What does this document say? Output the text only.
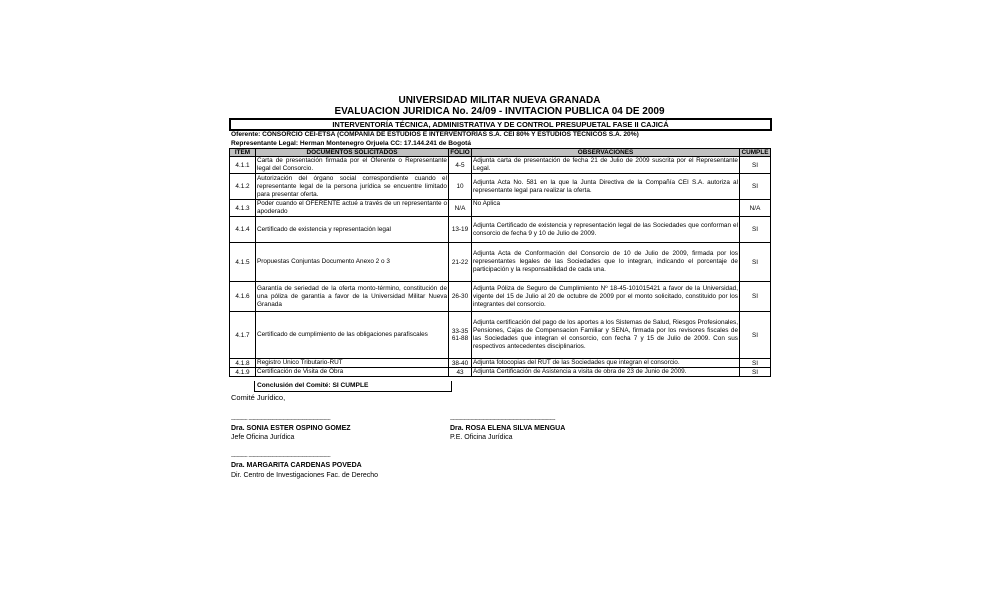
UNIVERSIDAD MILITAR NUEVA GRANADA
EVALUACIÓN JURÍDICA No. 24/09 - INVITACIÓN PÚBLICA 04 DE 2009
INTERVENTORÍA TÉCNICA, ADMINISTRATIVA Y DE CONTROL PRESUPUETAL FASE II CAJICÁ
Oferente: CONSORCIO CEI-ETSA (COMPAÑÍA DE ESTUDIOS E INTERVENTORÍAS S.A. CEI 80% Y ESTUDIOS TÉCNICOS S.A. 20%)
Representante Legal: Herman Montenegro Orjuela CC: 17.144.241 de Bogotá
ITEM	DOCUMENTOS SOLICITADOS	FOLIO	OBSERVACIONES	CUMPLE
4.1.1	Carta de presentación firmada por el Oferente o Representante legal del Consorcio.	4-5	Adjunta carta de presentación de fecha 21 de Julio de 2009 suscrita por el Representante Legal.	SI
4.1.2	Autorización del órgano social correspondiente cuando el representante legal de la persona jurídica se encuentre limitado para presentar oferta.	10	Adjunta Acta No. 581 en la que la Junta Directiva de la Compañía CEI S.A. autoriza al representante legal para realizar la oferta.	SI
4.1.3	Poder cuando el OFERENTE actué a través de un representante o apoderado	N/A	No Aplica	N/A
4.1.4	Certificado de existencia y representación legal	13-19	Adjunta Certificado de existencia y representación legal de las Sociedades que conforman el consorcio de fecha 9 y 10 de Julio de 2009.	SI
4.1.5	Propuestas Conjuntas Documento Anexo 2 o 3	21-22	Adjunta Acta de Conformación del Consorcio de 10 de Julio de 2009, firmada por los representantes legales de las Sociedades que lo integran, indicando el porcentaje de participación y la responsabilidad de cada una.	SI
4.1.6	Garantía de seriedad de la oferta monto-término, constitución de una póliza de garantía a favor de la Universidad Militar Nueva Granada	26-30	Adjunta Póliza de Seguro de Cumplimiento Nº 18-45-101015421 a favor de la Universidad, vigente del 15 de Julio al 20 de octubre de 2009 por el monto solicitado, constituido por los integrantes del consorcio.	SI
4.1.7	Certificado de cumplimiento de las obligaciones parafiscales	33-35 61-88	Adjunta certificación del pago de los aportes a los Sistemas de Salud, Riesgos Profesionales, Pensiones, Cajas de Compensacion Familiar y SENA, firmada por los revisores fiscales de las Sociedades que integran el consorcio, con fecha 7 y 15 de Julio de 2009. Con sus respectivos antecedentes disciplinarios.	SI
4.1.8	Registro Unico Tributario-RUT	38-40	Adjunta fotocopias del RUT de las Sociedades que integran el consorcio.	SI
4.1.9	Certificación de Visita de Obra	43	Adjunta Certificación de Asistencia a visita de obra de 23 de Junio de 2009.	SI
Conclusión del Comité: SI CUMPLE
Comité Jurídico,
------------ ------------------------------------------------------------
Dra. SONIA ESTER OSPINO GOMEZ
Jefe Oficina Jurídica
-----------------------------------------------------------------------------
Dra. ROSA ELENA SILVA MENGUA
P.E. Oficina Jurídica
------------ ------------------------------------------------------------
Dra. MARGARITA CARDENAS POVEDA
Dir. Centro de Investigaciones Fac. de Derecho
